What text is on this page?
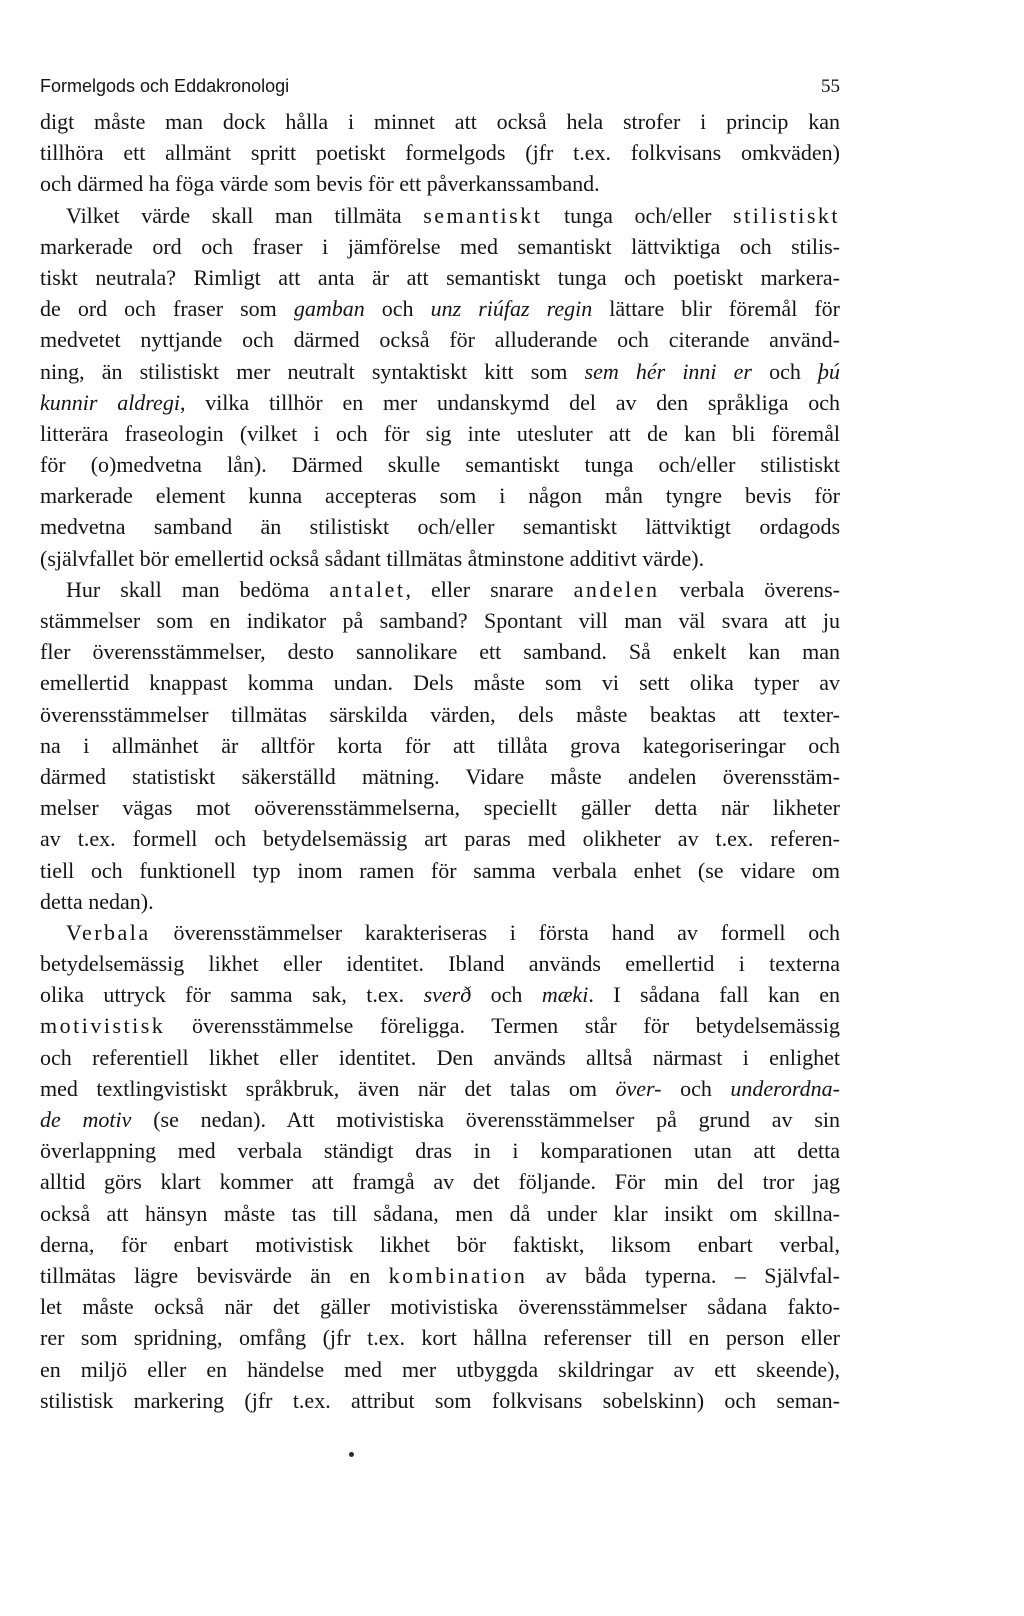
Formelgods och Eddakronologi	55
digt måste man dock hålla i minnet att också hela strofer i princip kan
tillhöra ett allmänt spritt poetiskt formelgods (jfr t.ex. folkvisans omkväden)
och därmed ha föga värde som bevis för ett påverkanssamband.
Vilket värde skall man tillmäta semantiskt tunga och/eller stilistiskt
markerade ord och fraser i jämförelse med semantiskt lättviktiga och stilis-
tiskt neutrala? Rimligt att anta är att semantiskt tunga och poetiskt markera-
de ord och fraser som gamban och unz riúfaz regin lättare blir föremål för
medvetet nyttjande och därmed också för alluderande och citerande använd-
ning, än stilistiskt mer neutralt syntaktiskt kitt som sem hér inni er och þú
kunnir aldregi, vilka tillhör en mer undanskymd del av den språkliga och
litterära fraseologin (vilket i och för sig inte utesluter att de kan bli föremål
för (o)medvetna lån). Därmed skulle semantiskt tunga och/eller stilistiskt
markerade element kunna accepteras som i någon mån tyngre bevis för
medvetna samband än stilistiskt och/eller semantiskt lättviktigt ordagods
(självfallet bör emellertid också sådant tillmätas åtminstone additivt värde).
Hur skall man bedöma antalet, eller snarare andelen verbala överens-
stämmelser som en indikator på samband? Spontant vill man väl svara att ju
fler överensstämmelser, desto sannolikare ett samband. Så enkelt kan man
emellertid knappast komma undan. Dels måste som vi sett olika typer av
överensstämmelser tillmätas särskilda värden, dels måste beaktas att texter-
na i allmänhet är alltför korta för att tillåta grova kategoriseringar och
därmed statistiskt säkerställd mätning. Vidare måste andelen överensstäm-
melser vägas mot oöverensstämmelserna, speciellt gäller detta när likheter
av t.ex. formell och betydelsemässig art paras med olikheter av t.ex. referen-
tiell och funktionell typ inom ramen för samma verbala enhet (se vidare om
detta nedan).
Verbala överensstämmelser karakteriseras i första hand av formell och
betydelsemässig likhet eller identitet. Ibland används emellertid i texterna
olika uttryck för samma sak, t.ex. sverð och mæki. I sådana fall kan en
motivistisk överensstämmelse föreligga. Termen står för betydelsemässig
och referentiell likhet eller identitet. Den används alltså närmast i enlighet
med textlingvistiskt språkbruk, även när det talas om över- och underordna-
de motiv (se nedan). Att motivistiska överensstämmelser på grund av sin
överlappning med verbala ständigt dras in i komparationen utan att detta
alltid görs klart kommer att framgå av det följande. För min del tror jag
också att hänsyn måste tas till sådana, men då under klar insikt om skillna-
derna, för enbart motivistisk likhet bör faktiskt, liksom enbart verbal,
tillmätas lägre bevisvärde än en kombination av båda typerna. – Självfal-
let måste också när det gäller motivistiska överensstämmelser sådana fakto-
rer som spridning, omfång (jfr t.ex. kort hållna referenser till en person eller
en miljö eller en händelse med mer utbyggda skildringar av ett skeende),
stilistisk markering (jfr t.ex. attribut som folkvisans sobelskinn) och seman-
